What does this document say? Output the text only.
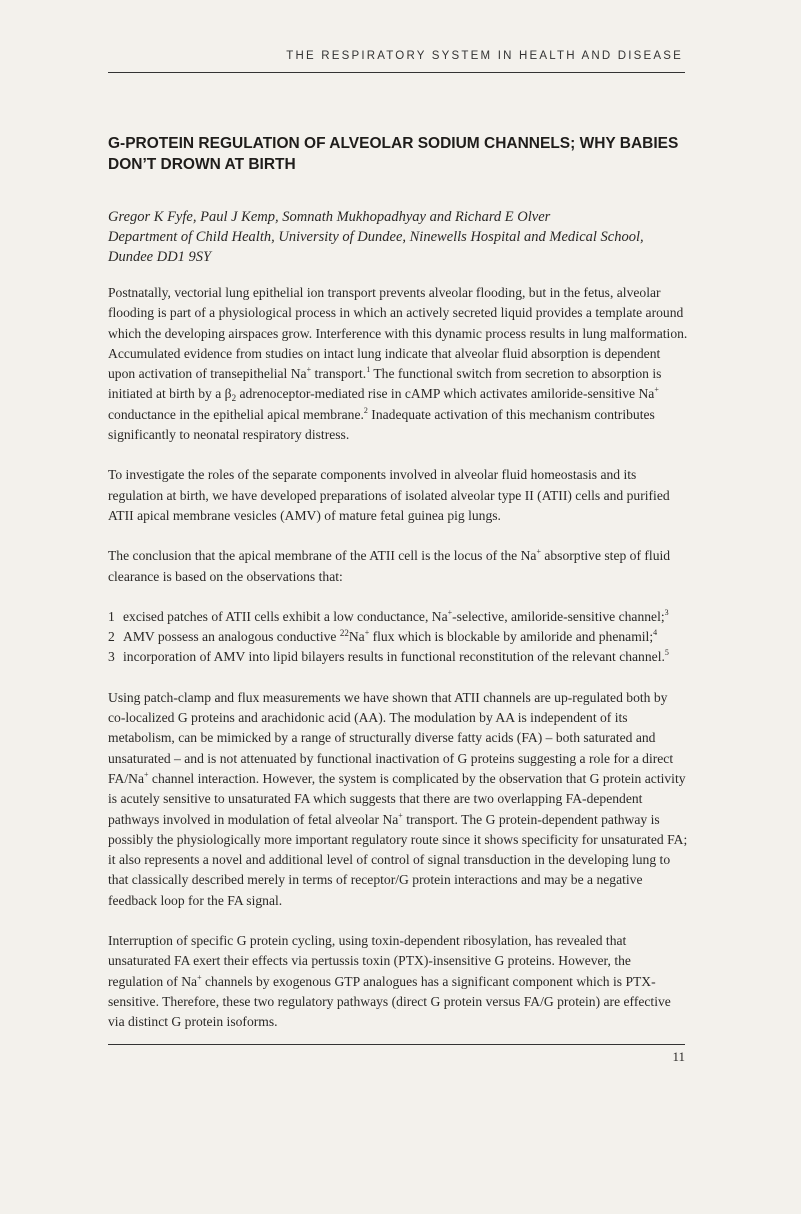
THE RESPIRATORY SYSTEM IN HEALTH AND DISEASE
G-PROTEIN REGULATION OF ALVEOLAR SODIUM CHANNELS; WHY BABIES DON’T DROWN AT BIRTH
Gregor K Fyfe, Paul J Kemp, Somnath Mukhopadhyay and Richard E Olver
Department of Child Health, University of Dundee, Ninewells Hospital and Medical School,
Dundee DD1 9SY

Postnatally, vectorial lung epithelial ion transport prevents alveolar flooding, but in the fetus, alveolar flooding is part of a physiological process in which an actively secreted liquid provides a template around which the developing airspaces grow. Interference with this dynamic process results in lung malformation. Accumulated evidence from studies on intact lung indicate that alveolar fluid absorption is dependent upon activation of transepithelial Na+ transport.$^1$ The functional switch from secretion to absorption is initiated at birth by a $\beta_2$ adrenoceptor-mediated rise in cAMP which activates amiloride-sensitive Na+ conductance in the epithelial apical membrane.$^2$ Inadequate activation of this mechanism contributes significantly to neonatal respiratory distress.

To investigate the roles of the separate components involved in alveolar fluid homeostasis and its regulation at birth, we have developed preparations of isolated alveolar type II (ATII) cells and purified ATII apical membrane vesicles (AMV) of mature fetal guinea pig lungs.

The conclusion that the apical membrane of the ATII cell is the locus of the Na+ absorptive step of fluid clearance is based on the observations that:

1 excised patches of ATII cells exhibit a low conductance, Na+-selective, amiloride-sensitive channel;$^3$
2 AMV possess an analogous conductive $^{22}$Na+ flux which is blockable by amiloride and phenamil;$^4$
3 incorporation of AMV into lipid bilayers results in functional reconstitution of the relevant channel.$^5$

Using patch-clamp and flux measurements we have shown that ATII channels are up-regulated both by co-localized G proteins and arachidonic acid (AA). The modulation by AA is independent of its metabolism, can be mimicked by a range of structurally diverse fatty acids (FA) – both saturated and unsaturated – and is not attenuated by functional inactivation of G proteins suggesting a role for a direct FA/Na+ channel interaction. However, the system is complicated by the observation that G protein activity is acutely sensitive to unsaturated FA which suggests that there are two overlapping FA-dependent pathways involved in modulation of fetal alveolar Na+ transport. The G protein-dependent pathway is possibly the physiologically more important regulatory route since it shows specificity for unsaturated FA; it also represents a novel and additional level of control of signal transduction in the developing lung to that classically described merely in terms of receptor/G protein interactions and may be a negative feedback loop for the FA signal.

Interruption of specific G protein cycling, using toxin-dependent ribosylation, has revealed that unsaturated FA exert their effects via pertussis toxin (PTX)-insensitive G proteins. However, the regulation of Na+ channels by exogenous GTP analogues has a significant component which is PTX-sensitive. Therefore, these two regulatory pathways (direct G protein versus FA/G protein) are effective via distinct G protein isoforms.

11
